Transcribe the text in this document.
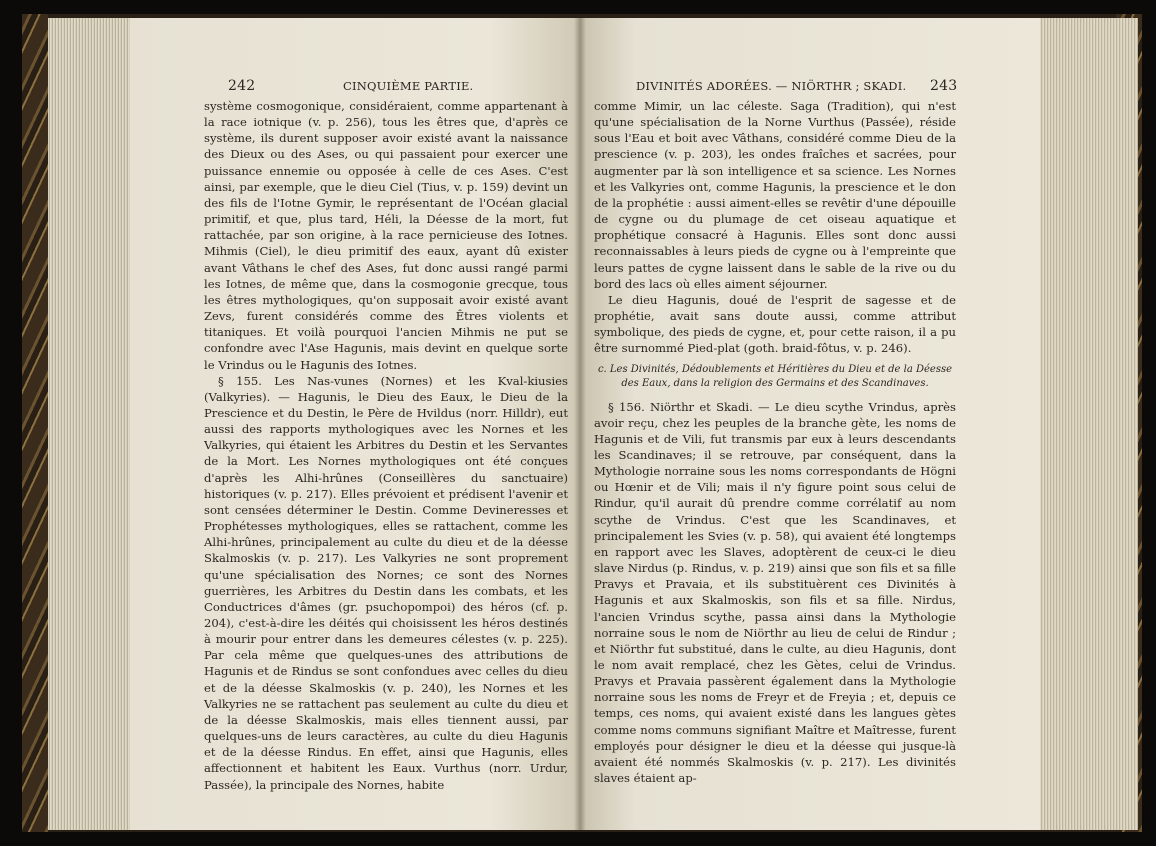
242	CINQUIÈME PARTIE.	DIVINITÉS ADORÉES. — NIÖRTHR ; SKADI. 243

système cosmogonique, considéraient, comme appartenant à la race iotnique (v. p. 256), tous les êtres que, d'après ce système, ils durent supposer avoir existé avant la naissance des Dieux ou des Ases, ou qui passaient pour exercer une puissance ennemie ou opposée à celle de ces Ases. C'est ainsi, par exemple, que le dieu Ciel (Tius, v. p. 159) devint un des fils de l'Iotne Gymir, le représentant de l'Océan glacial primitif, et que, plus tard, Héli, la Déesse de la mort, fut rattachée, par son origine, à la race pernicieuse des Iotnes. Mihmis (Ciel), le dieu primitif des eaux, ayant dû exister avant Vâthans le chef des Ases, fut donc aussi rangé parmi les Iotnes, de même que, dans la cosmogonie grecque, tous les êtres mythologiques, qu'on supposait avoir existé avant Zevs, furent considérés comme des Êtres violents et titaniques. Et voilà pourquoi l'ancien Mihmis ne put se confondre avec l'Ase Hagunis, mais devint en quelque sorte le Vrindus ou le Hagunis des Iotnes.

§ 155. Les Nas-vunes (Nornes) et les Kval-kiusies (Valkyries). — Hagunis, le Dieu des Eaux, le Dieu de la Prescience et du Destin, le Père de Hvildus (norr. Hilldr), eut aussi des rapports mythologiques avec les Nornes et les Valkyries, qui étaient les Arbitres du Destin et les Servantes de la Mort. Les Nornes mythologiques ont été conçues d'après les Alhi-hrûnes (Conseillères du sanctuaire) historiques (v. p. 217). Elles prévoient et prédisent l'avenir et sont censées déterminer le Destin. Comme Devineresses et Prophétesses mythologiques, elles se rattachent, comme les Alhi-hrûnes, principalement au culte du dieu et de la déesse Skalmoskis (v. p. 217). Les Valkyries ne sont proprement qu'une spécialisation des Nornes; ce sont des Nornes guerrières, les Arbitres du Destin dans les combats, et les Conductrices d'âmes (gr. psuchopompoi) des héros (cf. p. 204), c'est-à-dire les déités qui choisissent les héros destinés à mourir pour entrer dans les demeures célestes (v. p. 225). Par cela même que quelques-unes des attributions de Hagunis et de Rindus se sont confondues avec celles du dieu et de la déesse Skalmoskis (v. p. 240), les Nornes et les Valkyries ne se rattachent pas seulement au culte du dieu et de la déesse Skalmoskis, mais elles tiennent aussi, par quelques-uns de leurs caractères, au culte du dieu Hagunis et de la déesse Rindus. En effet, ainsi que Hagunis, elles affectionnent et habitent les Eaux. Vurthus (norr. Urdur, Passée), la principale des Nornes, habite

comme Mimir, un lac céleste. Saga (Tradition), qui n'est qu'une spécialisation de la Norne Vurthus (Passée), réside sous l'Eau et boit avec Vâthans, considéré comme Dieu de la prescience (v. p. 203), les ondes fraîches et sacrées, pour augmenter par là son intelligence et sa science. Les Nornes et les Valkyries ont, comme Hagunis, la prescience et le don de la prophétie : aussi aiment-elles se revêtir d'une dépouille de cygne ou du plumage de cet oiseau aquatique et prophétique consacré à Hagunis. Elles sont donc aussi reconnaissables à leurs pieds de cygne ou à l'empreinte que leurs pattes de cygne laissent dans le sable de la rive ou du bord des lacs où elles aiment séjourner.

Le dieu Hagunis, doué de l'esprit de sagesse et de prophétie, avait sans doute aussi, comme attribut symbolique, des pieds de cygne, et, pour cette raison, il a pu être surnommé Pied-plat (goth. braid-fôtus, v. p. 246).

c. Les Divinités, Dédoublements et Héritières du Dieu et de la Déesse des Eaux, dans la religion des Germains et des Scandinaves.

§ 156. Niörthr et Skadi. — Le dieu scythe Vrindus, après avoir reçu, chez les peuples de la branche gète, les noms de Hagunis et de Vili, fut transmis par eux à leurs descendants les Scandinaves; il se retrouve, par conséquent, dans la Mythologie norraine sous les noms correspondants de Högni ou Hœnir et de Vili; mais il n'y figure point sous celui de Rindur, qu'il aurait dû prendre comme corrélatif au nom scythe de Vrindus. C'est que les Scandinaves, et principalement les Svies (v. p. 58), qui avaient été longtemps en rapport avec les Slaves, adoptèrent de ceux-ci le dieu slave Nirdus (p. Rindus, v. p. 219) ainsi que son fils et sa fille Pravys et Pravaia, et ils substituèrent ces Divinités à Hagunis et aux Skalmoskis, son fils et sa fille. Nirdus, l'ancien Vrindus scythe, passa ainsi dans la Mythologie norraine sous le nom de Niörthr au lieu de celui de Rindur ; et Niörthr fut substitué, dans le culte, au dieu Hagunis, dont le nom avait remplacé, chez les Gètes, celui de Vrindus. Pravys et Pravaia passèrent également dans la Mythologie norraine sous les noms de Freyr et de Freyia ; et, depuis ce temps, ces noms, qui avaient existé dans les langues gètes comme noms communs signifiant Maître et Maîtresse, furent employés pour désigner le dieu et la déesse qui jusque-là avaient été nommés Skalmoskis (v. p. 217). Les divinités slaves étaient ap-
